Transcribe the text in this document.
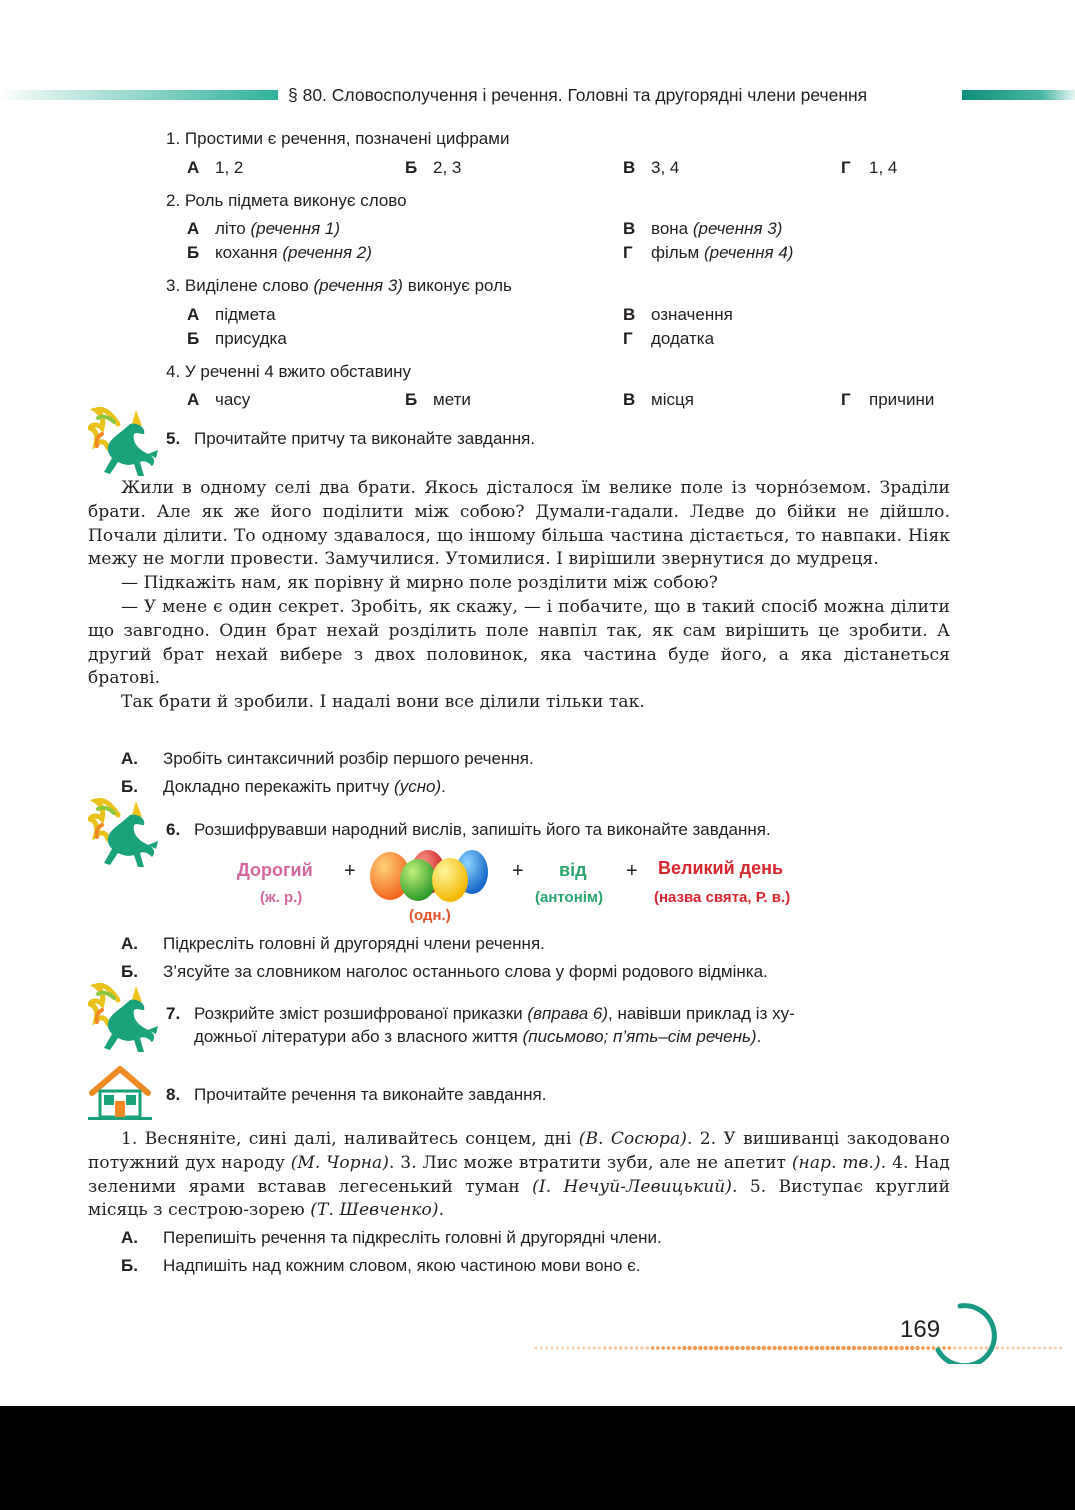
§ 80. Словосполучення і речення. Головні та другорядні члени речення
1. Простими є речення, позначені цифрами
А 1, 2	Б 2, 3	В 3, 4	Г 1, 4
2. Роль підмета виконує слово
А літо (речення 1)
Б кохання (речення 2)
В вона (речення 3)
Г фільм (речення 4)
3. Виділене слово (речення 3) виконує роль
А підмета
Б присудка
В означення
Г додатка
4. У реченні 4 вжито обставину
А часу	Б мети	В місця	Г причини
5. Прочитайте притчу та виконайте завдання.

Жили в одному селі два брати. Якось дісталося їм велике поле із чорно́земом. Зрадiли брати. Але як же його поділити між собою? Думали-гадали. Ледве до бійки не дійшло. Почали ділити. То одному здавалося, що іншому більша частина дістається, то навпаки. Ніяк межу не могли провести. Замучилися. Утомилися. І вирішили звернутися до мудреця.

— Підкажіть нам, як порівну й мирно поле розділити між собою?

— У мене є один секрет. Зробіть, як скажу, — і побачите, що в такий спосіб можна ділити що завгодно. Один брат нехай розділить поле навпіл так, як сам вирішить це зробити. А другий брат нехай вибере з двох половинок, яка частина буде його, а яка дістанеться братові.

Так брати й зробили. І надалі вони все ділили тільки так.

А. Зробіть синтаксичний розбір першого речення.
Б. Докладно перекажіть притчу (усно).
6. Розшифрувавши народний вислів, запишіть його та виконайте завдання.
Дорогий
(ж. р.)
+
(одн.)
+ від
(антонім)
+ Великий день
(назва свята, Р. в.)
А. Підкресліть головні й другорядні члени речення.
Б. З’ясуйте за словником наголос останнього слова у формі родового відмінка.
7. Розкрийте зміст розшифрованої приказки (вправа 6), навівши приклад із ху-
дожньої літератури або з власного життя (письмово; п’ять–сім речень).
8. Прочитайте речення та виконайте завдання.

1. Весняніте, сині далі, наливайтесь сонцем, дні (В. Сосюра). 2. У вишиванці закодовано потужний дух народу (М. Чорна). 3. Лис може втратити зуби, але не апетит (нар. тв.). 4. Над зеленими ярами вставав легесенький туман (І. Нечуй-Левицький). 5. Виступає круглий місяць з сестрою-зорею (Т. Шевченко).

А. Перепишіть речення та підкресліть головні й другорядні члени.
Б. Надпишіть над кожним словом, якою частиною мови воно є.
169
